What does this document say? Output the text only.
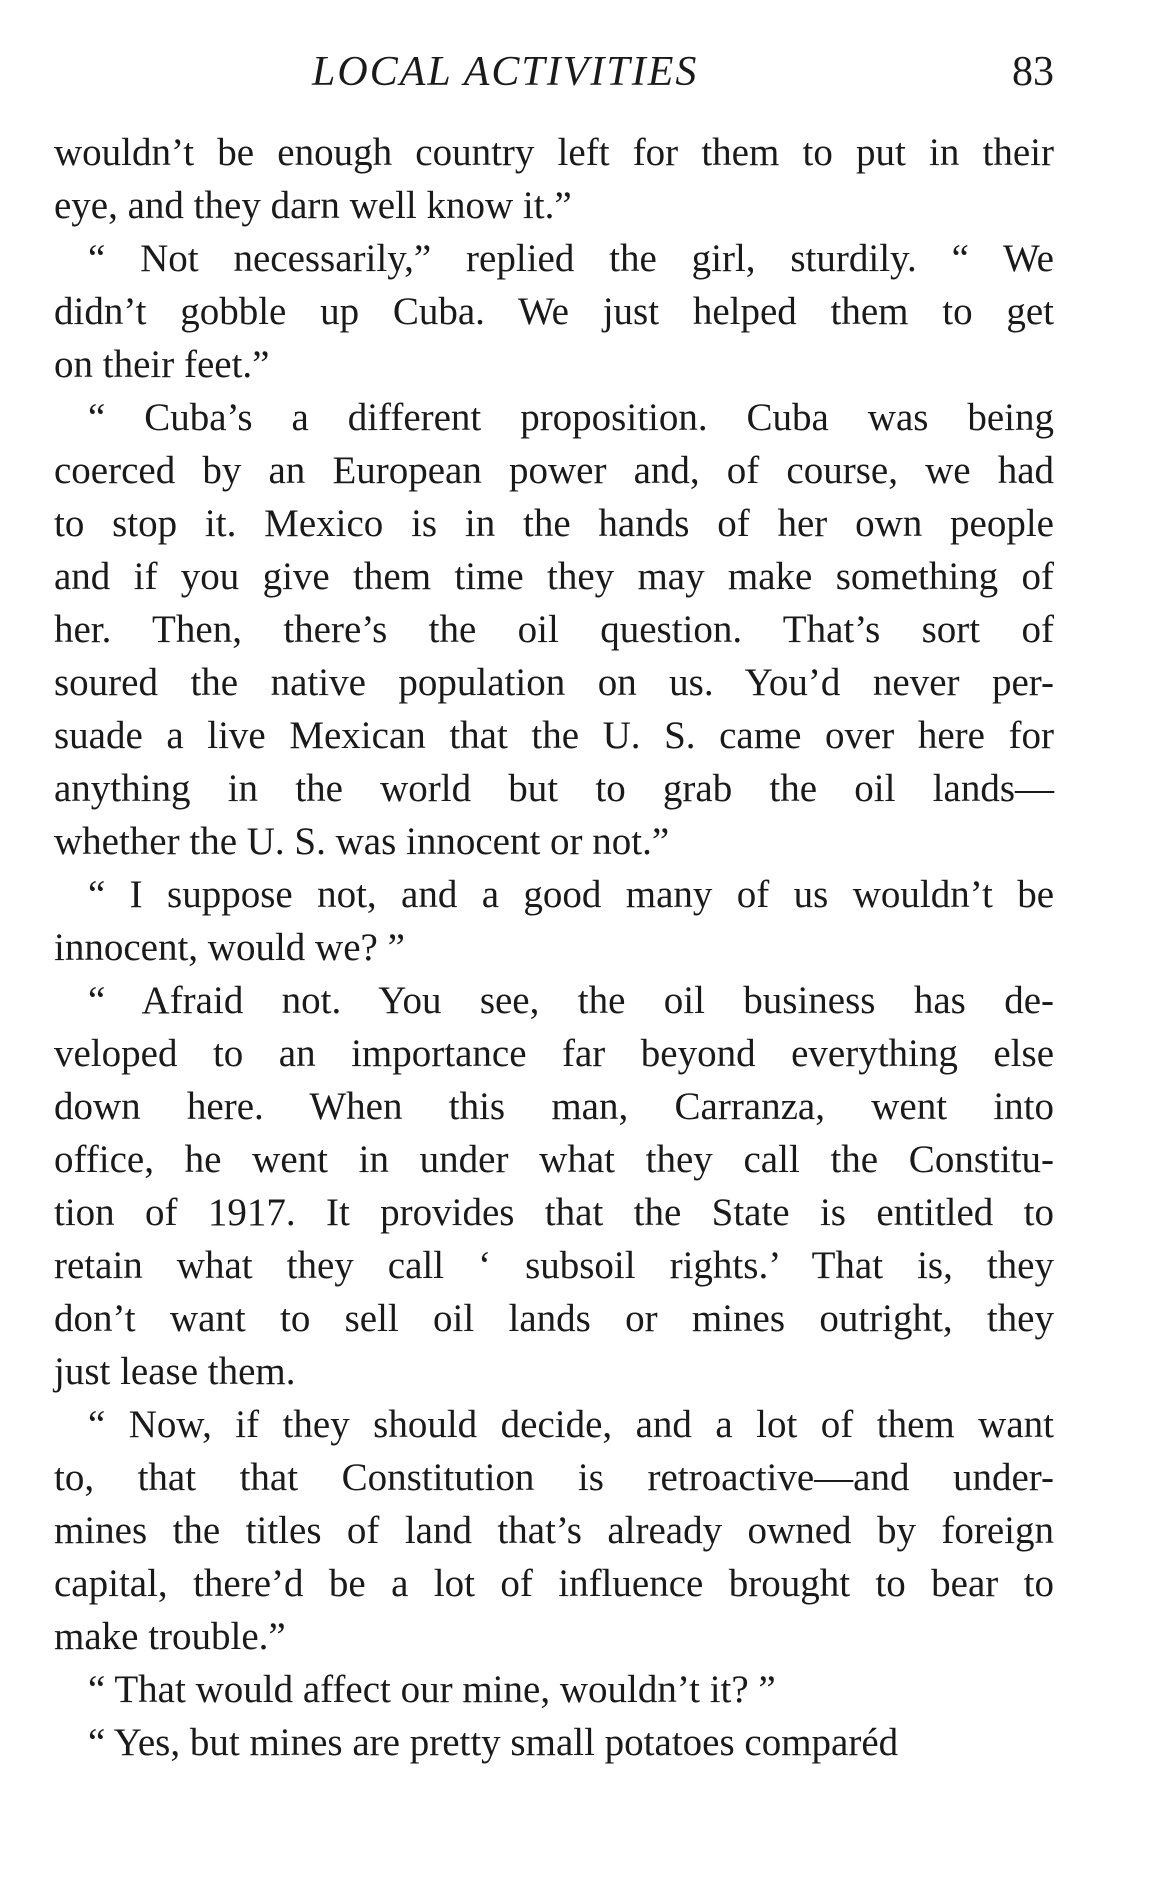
LOCAL ACTIVITIES	83
wouldn’t be enough country left for them to put in their
eye, and they darn well know it.”
“ Not necessarily,” replied the girl, sturdily. “ We
didn’t gobble up Cuba. We just helped them to get
on their feet.”
“ Cuba’s a different proposition. Cuba was being
coerced by an European power and, of course, we had
to stop it. Mexico is in the hands of her own people
and if you give them time they may make something of
her. Then, there’s the oil question. That’s sort of
soured the native population on us. You’d never per-
suade a live Mexican that the U. S. came over here for
anything in the world but to grab the oil lands—
whether the U. S. was innocent or not.”
“ I suppose not, and a good many of us wouldn’t be
innocent, would we? ”
“ Afraid not. You see, the oil business has de-
veloped to an importance far beyond everything else
down here. When this man, Carranza, went into
office, he went in under what they call the Constitu-
tion of 1917. It provides that the State is entitled to
retain what they call ‘ subsoil rights.’ That is, they
don’t want to sell oil lands or mines outright, they
just lease them.
“ Now, if they should decide, and a lot of them want
to, that that Constitution is retroactive—and under-
mines the titles of land that’s already owned by foreign
capital, there’d be a lot of influence brought to bear to
make trouble.”
“ That would affect our mine, wouldn’t it? ”
“ Yes, but mines are pretty small potatoes comparéd
